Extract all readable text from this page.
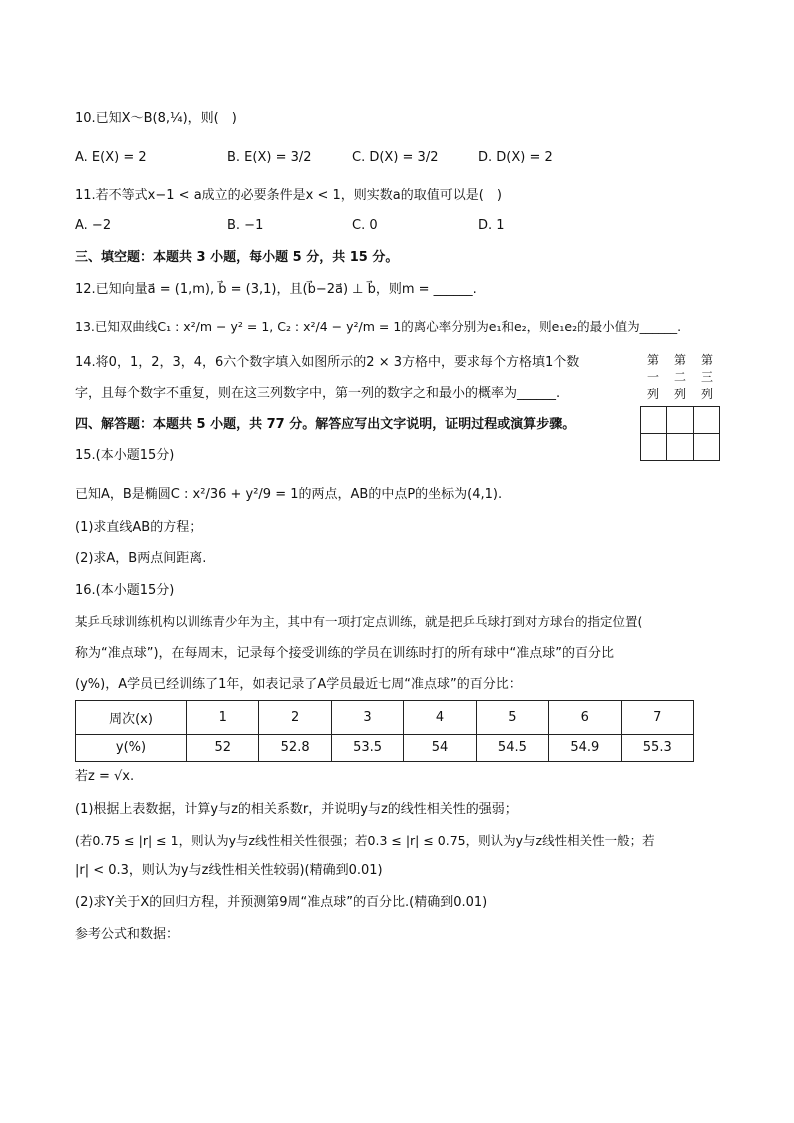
10.已知X～B(8,¼)，则(　)
A. E(X) = 2	B. E(X) = 3/2	C. D(X) = 3/2	D. D(X) = 2
11.若不等式x−1 < a成立的必要条件是x < 1，则实数a的取值可以是(　)
A. −2	B. −1	C. 0	D. 1
三、填空题：本题共 3 小题，每小题 5 分，共 15 分。
12.已知向量a⃗ = (1,m), b⃗ = (3,1)，且(b⃗−2a⃗) ⊥ b⃗，则m = ______.
13.已知双曲线C₁ : x²/m − y² = 1, C₂ : x²/4 − y²/m = 1的离心率分别为e₁和e₂，则e₁e₂的最小值为______.
14.将0，1，2，3，4，6六个数字填入如图所示的2 × 3方格中，要求每个方格填1个数
字，且每个数字不重复，则在这三列数字中，第一列的数字之和最小的概率为______.
第
一
列
第
二
列
第
三
列

四、解答题：本题共 5 小题，共 77 分。解答应写出文字说明，证明过程或演算步骤。
15.(本小题15分)
已知A，B是椭圆C : x²/36 + y²/9 = 1的两点，AB的中点P的坐标为(4,1).
(1)求直线AB的方程；
(2)求A，B两点间距离.
16.(本小题15分)
某乒乓球训练机构以训练青少年为主，其中有一项打定点训练，就是把乒乓球打到对方球台的指定位置(
称为“准点球”)，在每周末，记录每个接受训练的学员在训练时打的所有球中“准点球”的百分比
(y%)，A学员已经训练了1年，如表记录了A学员最近七周“准点球”的百分比：
周次(x)	1	2	3	4	5	6	7
y(%)	52	52.8	53.5	54	54.5	54.9	55.3
若z = √x.
(1)根据上表数据，计算y与z的相关系数r，并说明y与z的线性相关性的强弱；
(若0.75 ≤ |r| ≤ 1，则认为y与z线性相关性很强；若0.3 ≤ |r| ≤ 0.75，则认为y与z线性相关性一般；若
|r| < 0.3，则认为y与z线性相关性较弱)(精确到0.01)
(2)求Y关于X的回归方程，并预测第9周“准点球”的百分比.(精确到0.01)
参考公式和数据：
